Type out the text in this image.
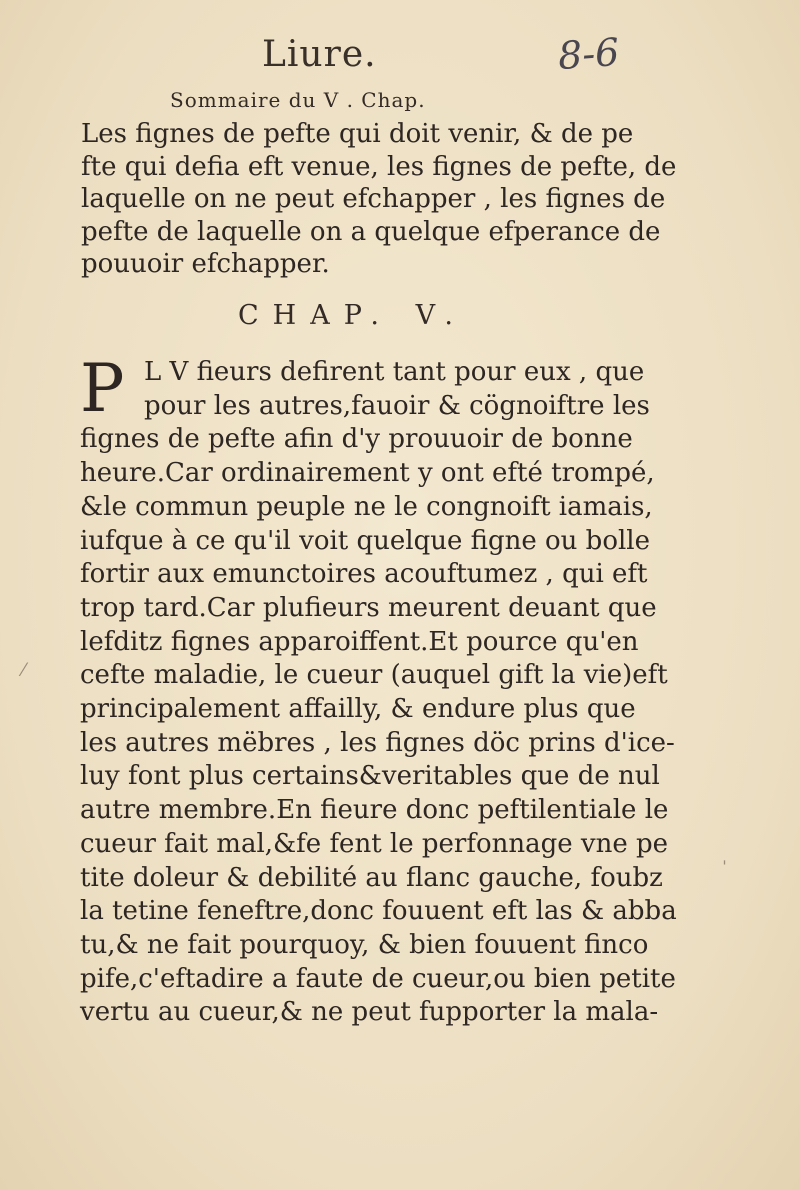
Liure.	8-6
Sommaire du V . Chap.
Les fignes de pefte qui doit venir, & de pe
fte qui defia eft venue, les fignes de pefte, de
laquelle on ne peut efchapper , les fignes de
pefte de laquelle on a quelque efperance de
pouuoir efchapper.
CHAP. V.
P L V fieurs defirent tant pour eux , que
pour les autres,fauoir & cögnoiftre les
fignes de pefte afin d'y prouuoir de bonne
heure.Car ordinairement y ont efté trompé,
&le commun peuple ne le congnoift iamais,
iufque à ce qu'il voit quelque figne ou bolle
fortir aux emunctoires acouftumez , qui eft
trop tard.Car plufieurs meurent deuant que
lefditz fignes apparoiffent.Et pource qu'en
cefte maladie, le cueur (auquel gift la vie)eft
principalement affailly, & endure plus que
les autres mëbres , les fignes döc prins d'ice-
luy font plus certains&veritables que de nul
autre membre.En fieure donc peftilentiale le
cueur fait mal,&fe fent le perfonnage vne pe
tite doleur & debilité au flanc gauche, foubz
la tetine feneftre,donc fouuent eft las & abba
tu,& ne fait pourquoy, & bien fouuent finco
pife,c'eftadire a faute de cueur,ou bien petite
vertu au cueur,& ne peut fupporter la mala-
⁄
ˈ
